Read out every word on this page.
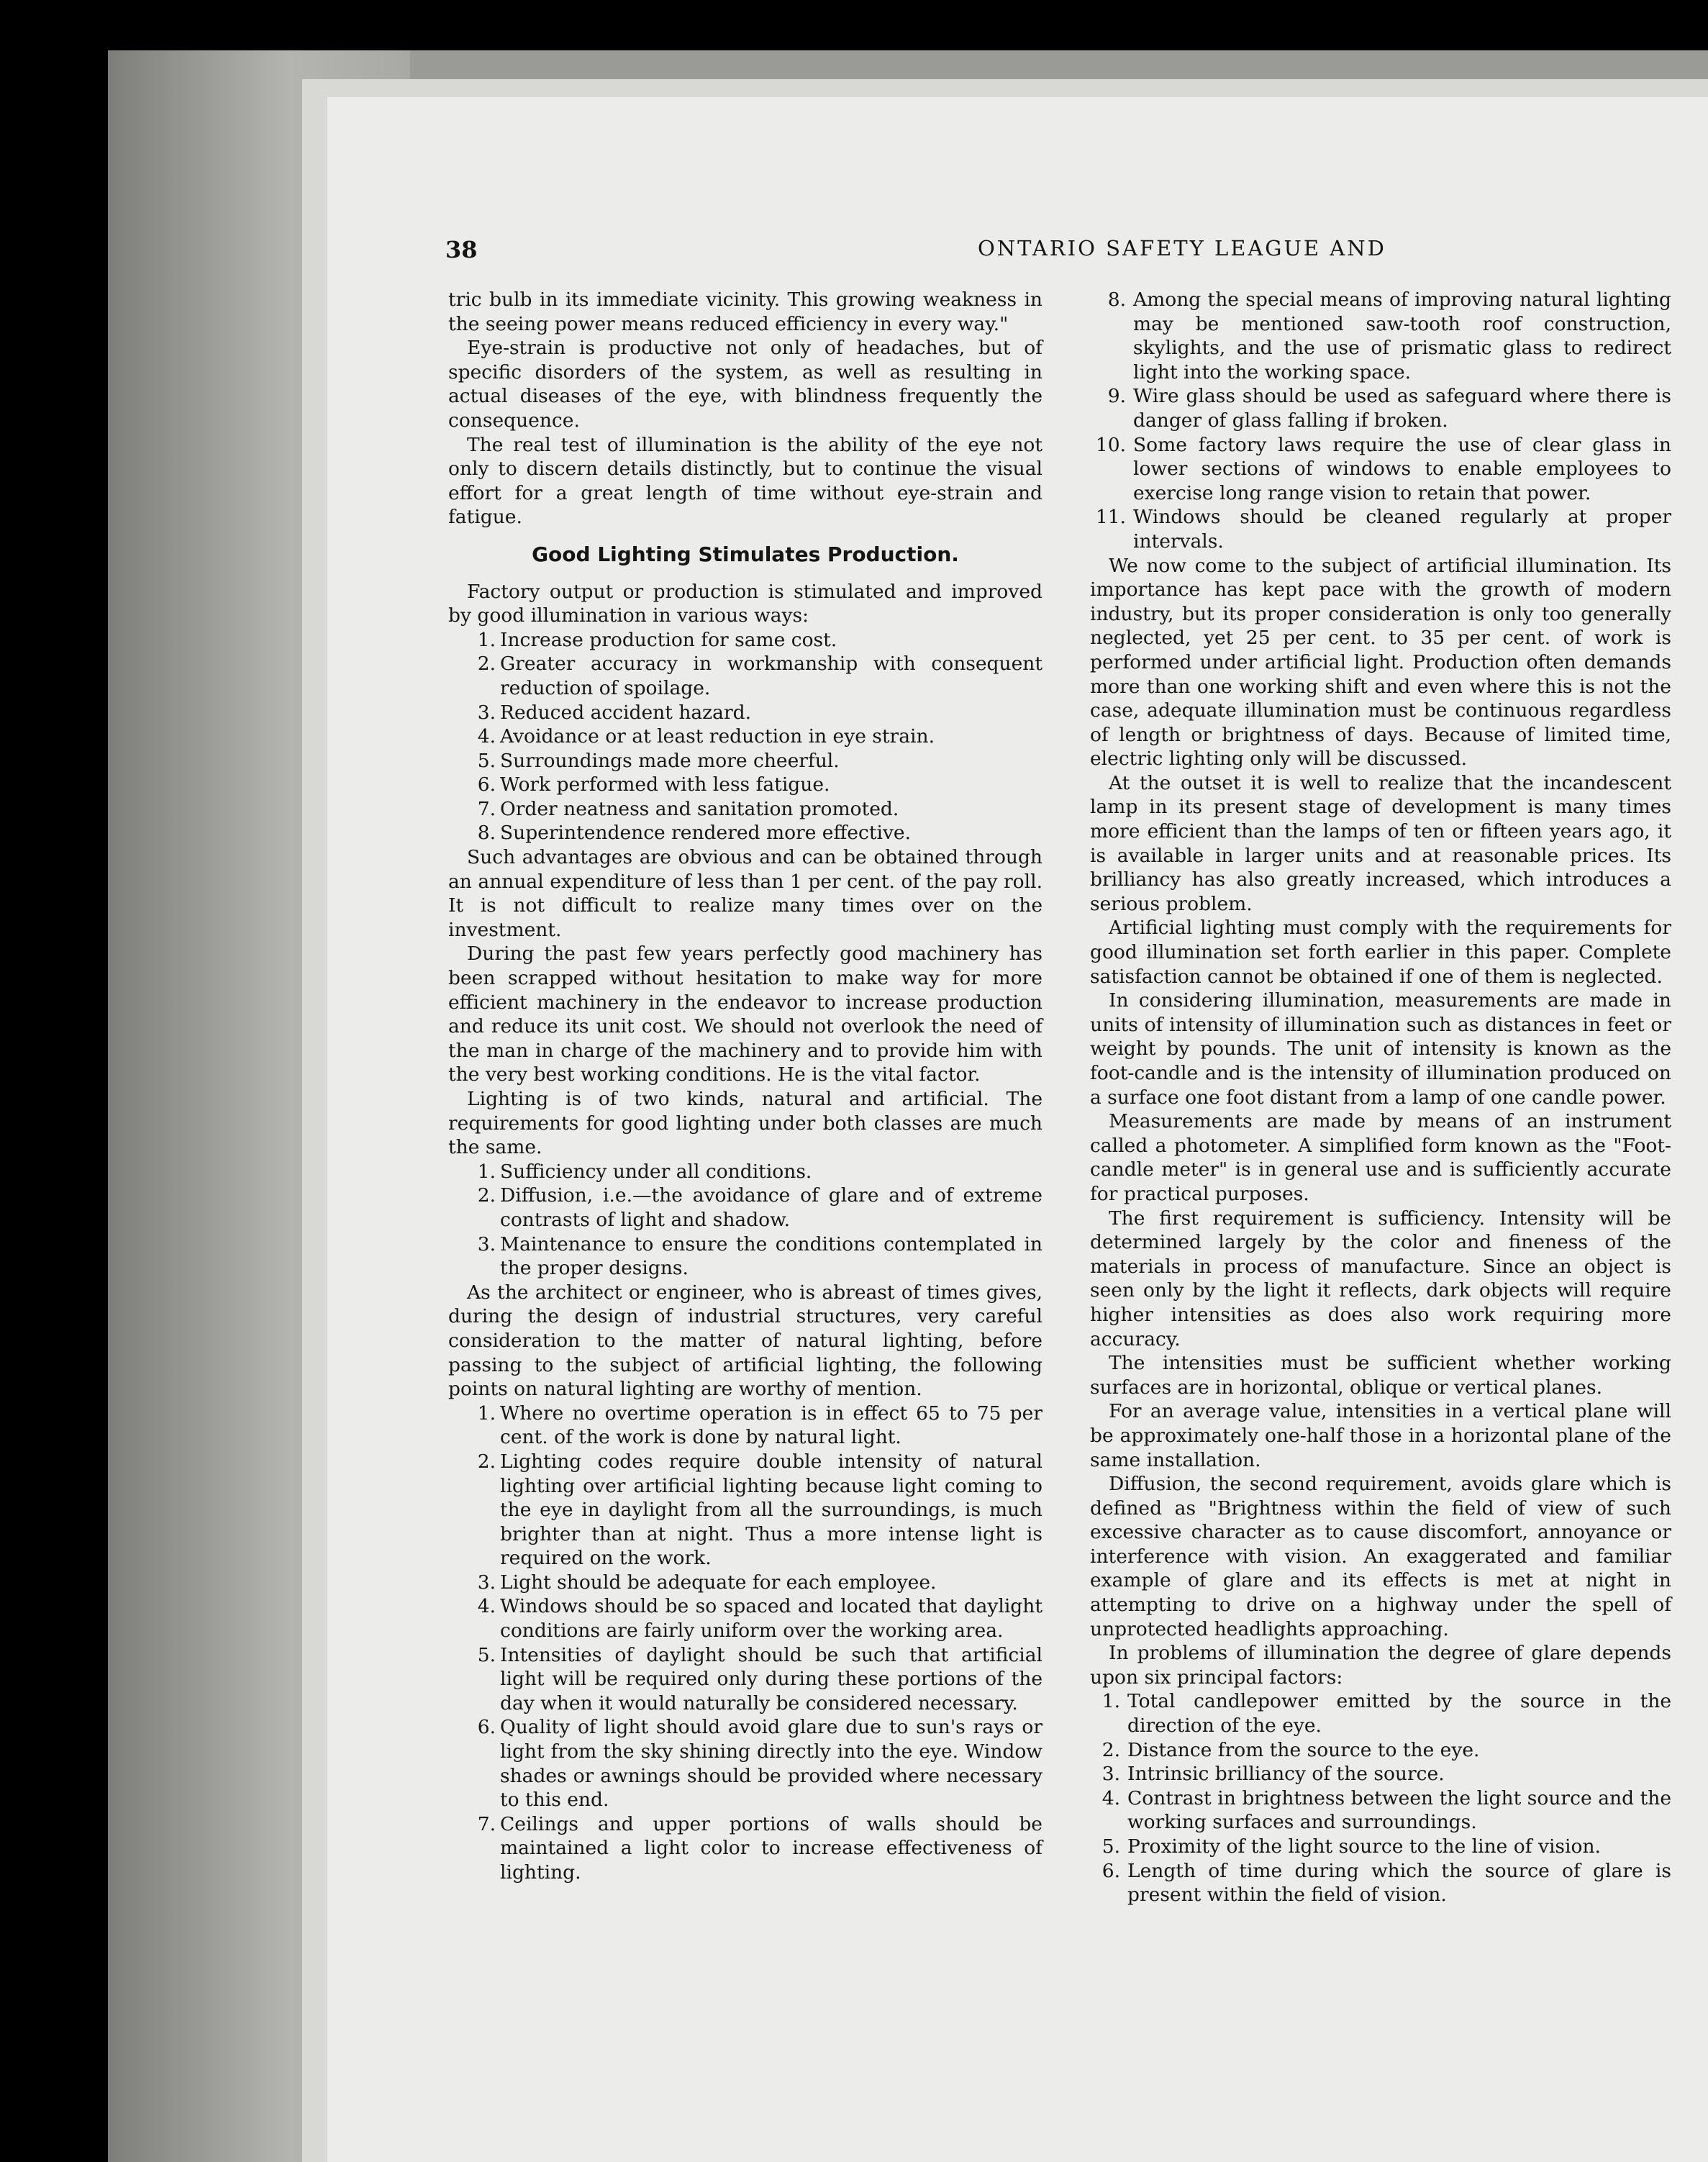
38	ONTARIO SAFETY LEAGUE AND

tric bulb in its immediate vicinity. This growing weakness in the seeing power means reduced efficiency in every way."

Eye-strain is productive not only of headaches, but of specific disorders of the system, as well as resulting in actual diseases of the eye, with blindness frequently the consequence.

The real test of illumination is the ability of the eye not only to discern details distinctly, but to continue the visual effort for a great length of time without eye-strain and fatigue.

Good Lighting Stimulates Production.

Factory output or production is stimulated and improved by good illumination in various ways:

1. Increase production for same cost.
2. Greater accuracy in workmanship with consequent reduction of spoilage.
3. Reduced accident hazard.
4. Avoidance or at least reduction in eye strain.
5. Surroundings made more cheerful.
6. Work performed with less fatigue.
7. Order neatness and sanitation promoted.
8. Superintendence rendered more effective.

Such advantages are obvious and can be obtained through an annual expenditure of less than 1 per cent. of the pay roll. It is not difficult to realize many times over on the investment.

During the past few years perfectly good machinery has been scrapped without hesitation to make way for more efficient machinery in the endeavor to increase production and reduce its unit cost. We should not overlook the need of the man in charge of the machinery and to provide him with the very best working conditions. He is the vital factor.

Lighting is of two kinds, natural and artificial. The requirements for good lighting under both classes are much the same.

1. Sufficiency under all conditions.
2. Diffusion, i.e.—the avoidance of glare and of extreme contrasts of light and shadow.
3. Maintenance to ensure the conditions contemplated in the proper designs.

As the architect or engineer, who is abreast of times gives, during the design of industrial structures, very careful consideration to the matter of natural lighting, before passing to the subject of artificial lighting, the following points on natural lighting are worthy of mention.

1. Where no overtime operation is in effect 65 to 75 per cent. of the work is done by natural light.
2. Lighting codes require double intensity of natural lighting over artificial lighting because light coming to the eye in daylight from all the surroundings, is much brighter than at night. Thus a more intense light is required on the work.
3. Light should be adequate for each employee.
4. Windows should be so spaced and located that daylight conditions are fairly uniform over the working area.
5. Intensities of daylight should be such that artificial light will be required only during these portions of the day when it would naturally be considered necessary.
6. Quality of light should avoid glare due to sun's rays or light from the sky shining directly into the eye. Window shades or awnings should be provided where necessary to this end.
7. Ceilings and upper portions of walls should be maintained a light color to increase effectiveness of lighting.
8. Among the special means of improving natural lighting may be mentioned saw-tooth roof construction, skylights, and the use of prismatic glass to redirect light into the working space.
9. Wire glass should be used as safeguard where there is danger of glass falling if broken.
10. Some factory laws require the use of clear glass in lower sections of windows to enable employees to exercise long range vision to retain that power.
11. Windows should be cleaned regularly at proper intervals.

We now come to the subject of artificial illumination. Its importance has kept pace with the growth of modern industry, but its proper consideration is only too generally neglected, yet 25 per cent. to 35 per cent. of work is performed under artificial light. Production often demands more than one working shift and even where this is not the case, adequate illumination must be continuous regardless of length or brightness of days. Because of limited time, electric lighting only will be discussed.

At the outset it is well to realize that the incandescent lamp in its present stage of development is many times more efficient than the lamps of ten or fifteen years ago, it is available in larger units and at reasonable prices. Its brilliancy has also greatly increased, which introduces a serious problem.

Artificial lighting must comply with the requirements for good illumination set forth earlier in this paper. Complete satisfaction cannot be obtained if one of them is neglected.

In considering illumination, measurements are made in units of intensity of illumination such as distances in feet or weight by pounds. The unit of intensity is known as the foot-candle and is the intensity of illumination produced on a surface one foot distant from a lamp of one candle power.

Measurements are made by means of an instrument called a photometer. A simplified form known as the "Foot-candle meter" is in general use and is sufficiently accurate for practical purposes.

The first requirement is sufficiency. Intensity will be determined largely by the color and fineness of the materials in process of manufacture. Since an object is seen only by the light it reflects, dark objects will require higher intensities as does also work requiring more accuracy.

The intensities must be sufficient whether working surfaces are in horizontal, oblique or vertical planes.

For an average value, intensities in a vertical plane will be approximately one-half those in a horizontal plane of the same installation.

Diffusion, the second requirement, avoids glare which is defined as "Brightness within the field of view of such excessive character as to cause discomfort, annoyance or interference with vision. An exaggerated and familiar example of glare and its effects is met at night in attempting to drive on a highway under the spell of unprotected headlights approaching.

In problems of illumination the degree of glare depends upon six principal factors:

1. Total candlepower emitted by the source in the direction of the eye.
2. Distance from the source to the eye.
3. Intrinsic brilliancy of the source.
4. Contrast in brightness between the light source and the working surfaces and surroundings.
5. Proximity of the light source to the line of vision.
6. Length of time during which the source of glare is present within the field of vision.
